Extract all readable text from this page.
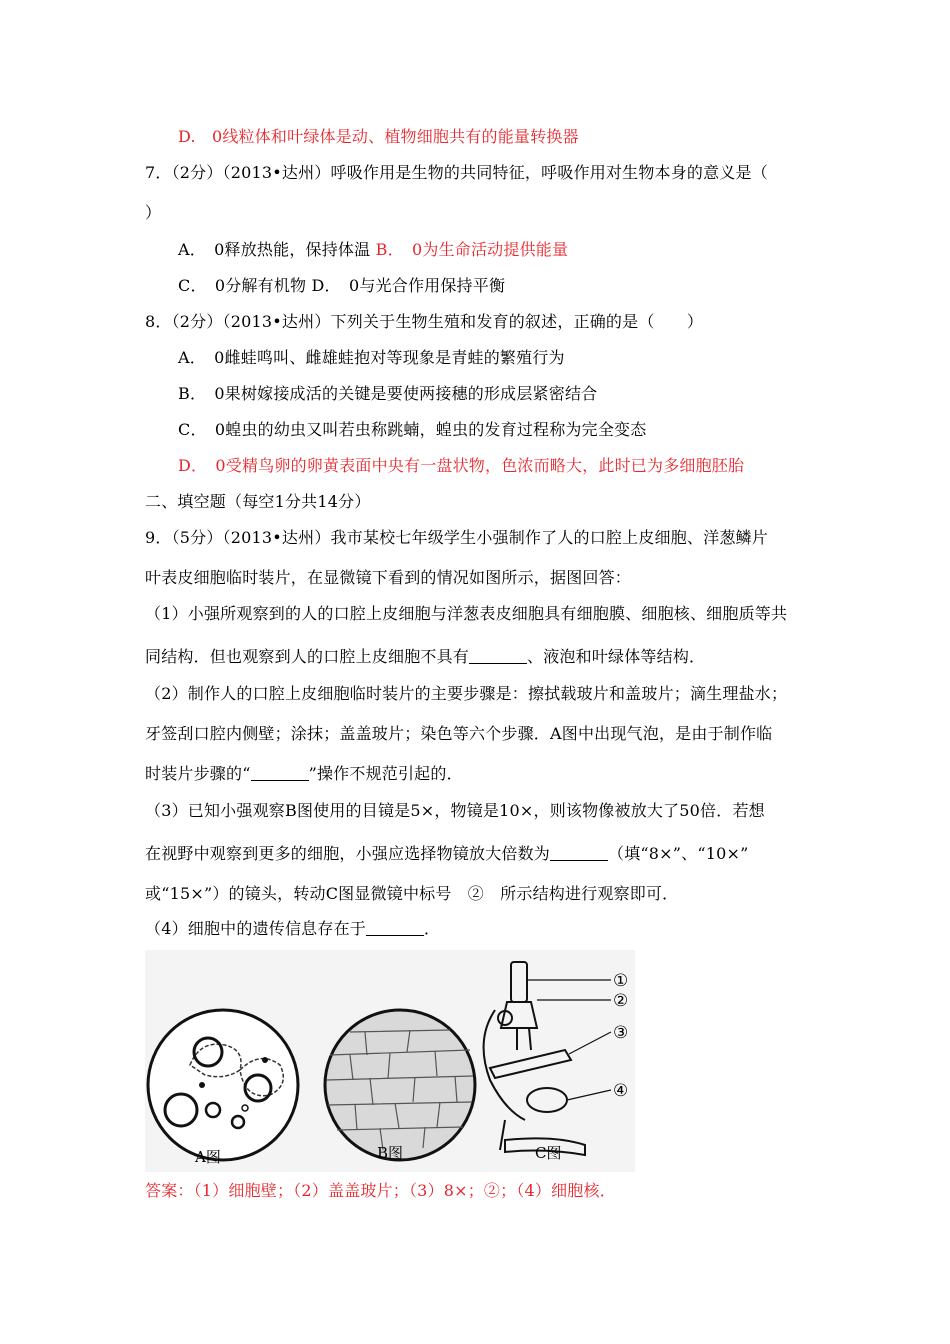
D.　0线粒体和叶绿体是动、植物细胞共有的能量转换器
7．（2分）（2013•达州）呼吸作用是生物的共同特征，呼吸作用对生物本身的意义是（
）
A．　0释放热能，保持体温 B．　0为生命活动提供能量
C．　0分解有机物 D．　0与光合作用保持平衡
8．（2分）（2013•达州）下列关于生物生殖和发育的叙述，正确的是（　　）
A．　0雌蛙鸣叫、雌雄蛙抱对等现象是青蛙的繁殖行为
B．　0果树嫁接成活的关键是要使两接穗的形成层紧密结合
C．　0蝗虫的幼虫又叫若虫称跳蝻，蝗虫的发育过程称为完全变态
D．　0受精鸟卵的卵黄表面中央有一盘状物，色浓而略大，此时已为多细胞胚胎
二、填空题（每空1分共14分）
9．（5分）（2013•达州）我市某校七年级学生小强制作了人的口腔上皮细胞、洋葱鳞片
叶表皮细胞临时装片，在显微镜下看到的情况如图所示，据图回答：
（1）小强所观察到的人的口腔上皮细胞与洋葱表皮细胞具有细胞膜、细胞核、细胞质等共
同结构．但也观察到人的口腔上皮细胞不具有	、液泡和叶绿体等结构．
（2）制作人的口腔上皮细胞临时装片的主要步骤是：擦拭载玻片和盖玻片；滴生理盐水；
牙签刮口腔内侧壁；涂抹；盖盖玻片；染色等六个步骤．A图中出现气泡，是由于制作临
时装片步骤的“	”操作不规范引起的．
（3）已知小强观察B图使用的目镜是5×，物镜是10×，则该物像被放大了50倍．若想
在视野中观察到更多的细胞，小强应选择物镜放大倍数为	（填“8×”、“10×”
或“15×”）的镜头，转动C图显微镜中标号　②　所示结构进行观察即可．
（4）细胞中的遗传信息存在于	．
①
②
③
④
A图	B图	C图
答案：（1）细胞壁；（2）盖盖玻片；（3）8×；②；（4）细胞核．
